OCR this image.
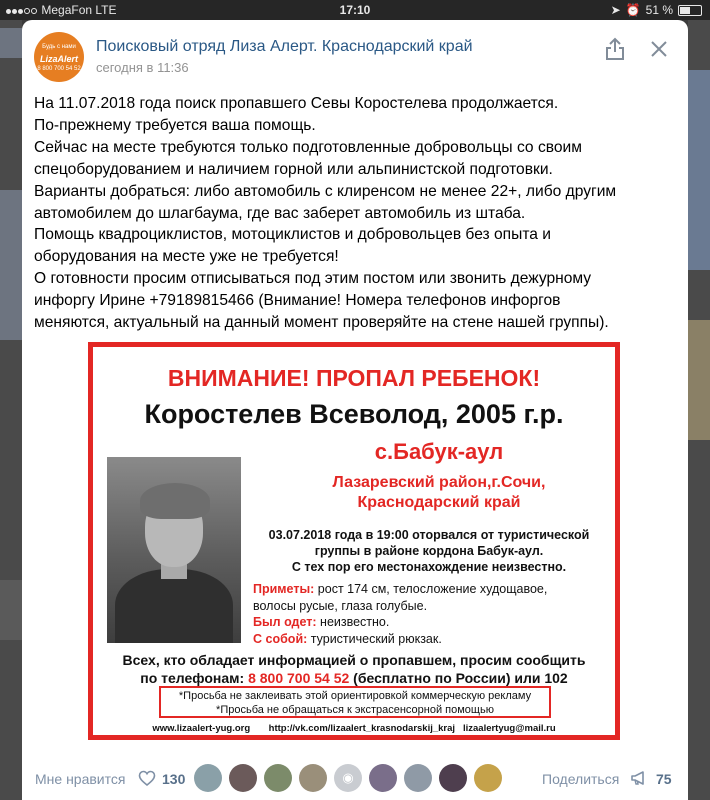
MegaFon LTE	17:10	➤ ⏰ 51 %
Будь с нами
LizaAlert
8 800 700 54 52
Поисковый отряд Лиза Алерт. Краснодарский край
сегодня в 11:36
На 11.07.2018 года поиск пропавшего Севы Коростелева продолжается.
По-прежнему требуется ваша помощь.
Сейчас на месте требуются только подготовленные добровольцы со своим
спецоборудованием и наличием горной или альпинистской подготовки.
Варианты добраться: либо автомобиль с клиренсом не менее 22+, либо другим
автомобилем до шлагбаума, где вас заберет автомобиль из штаба.
Помощь квадроциклистов, мотоциклистов и добровольцев без опыта и
оборудования на месте уже не требуется!
О готовности просим отписываться под этим постом или звонить дежурному
инфоргу Ирине +79189815466 (Внимание! Номера телефонов инфоргов
меняются, актуальный на данный момент проверяйте на стене нашей группы).
ВНИМАНИЕ! ПРОПАЛ РЕБЕНОК!
Коростелев Всеволод, 2005 г.р.
с.Бабук-аул
Лазаревский район,г.Сочи,
Краснодарский край
03.07.2018 года в 19:00 оторвался от туристической
группы в районе кордона Бабук-аул.
С тех пор его местонахождение неизвестно.
Приметы: рост 174 см, телосложение худощавое,
волосы русые, глаза голубые.
Был одет: неизвестно.
С собой: туристический рюкзак.
Всех, кто обладает информацией о пропавшем, просим сообщить
по телефонам: 8 800 700 54 52 (бесплатно по России) или 102
*Просьба не заклеивать этой ориентировкой коммерческую рекламу
*Просьба не обращаться к экстрасенсорной помощью
www.lizaalert-yug.org http://vk.com/lizaalert_krasnodarskij_kraj lizaalertyug@mail.ru
Мне нравится	130	◉	Поделиться	75
